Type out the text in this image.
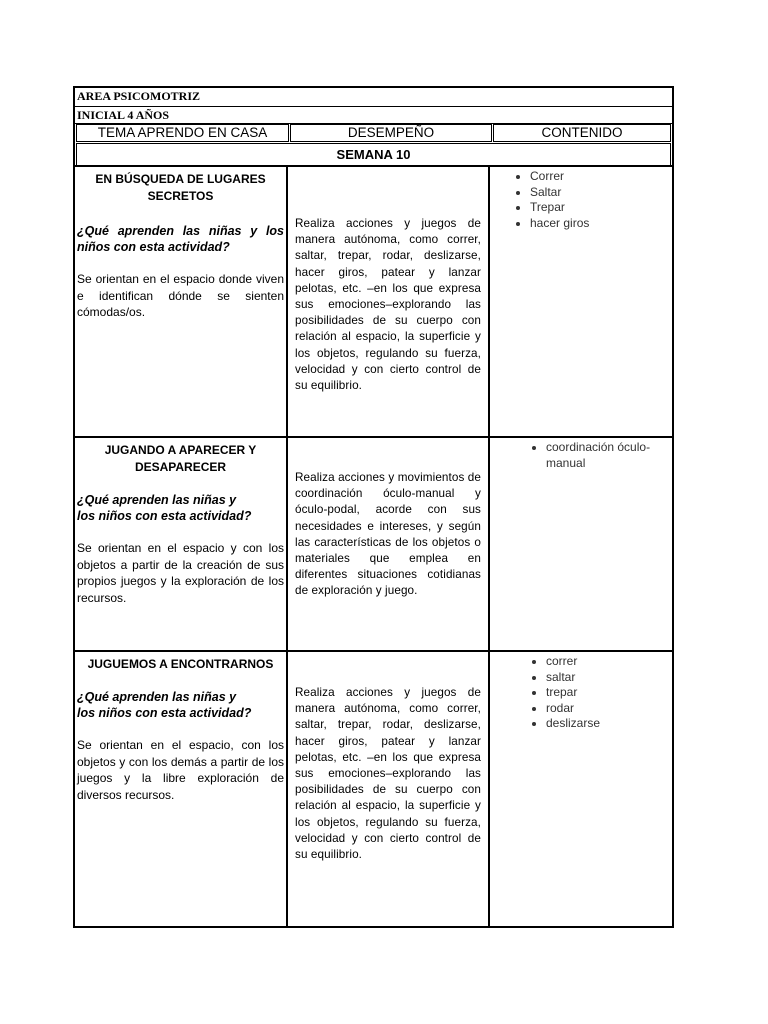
AREA PSICOMOTRIZ
INICIAL 4 AÑOS
TEMA APRENDO EN CASA	DESEMPEÑO	CONTENIDO
SEMANA 10
EN BÚSQUEDA DE LUGARES SECRETOS
¿Qué aprenden las niñas y los niños con esta actividad?
Se orientan en el espacio donde viven e identifican dónde se sienten cómodas/os.
Realiza acciones y juegos de manera autónoma, como correr, saltar, trepar, rodar, deslizarse, hacer giros, patear y lanzar pelotas, etc. –en los que expresa sus emociones–explorando las posibilidades de su cuerpo con relación al espacio, la superficie y los objetos, regulando su fuerza, velocidad y con cierto control de su equilibrio.
• Correr
• Saltar
• Trepar
• hacer giros
JUGANDO A APARECER Y DESAPARECER
¿Qué aprenden las niñas y los niños con esta actividad?
Se orientan en el espacio y con los objetos a partir de la creación de sus propios juegos y la exploración de los recursos.
Realiza acciones y movimientos de coordinación óculo-manual y óculo-podal, acorde con sus necesidades e intereses, y según las características de los objetos o materiales que emplea en diferentes situaciones cotidianas de exploración y juego.
• coordinación óculo-manual
JUGUEMOS A ENCONTRARNOS
¿Qué aprenden las niñas y los niños con esta actividad?
Se orientan en el espacio, con los objetos y con los demás a partir de los juegos y la libre exploración de diversos recursos.
Realiza acciones y juegos de manera autónoma, como correr, saltar, trepar, rodar, deslizarse, hacer giros, patear y lanzar pelotas, etc. –en los que expresa sus emociones–explorando las posibilidades de su cuerpo con relación al espacio, la superficie y los objetos, regulando su fuerza, velocidad y con cierto control de su equilibrio.
• correr
• saltar
• trepar
• rodar
• deslizarse
